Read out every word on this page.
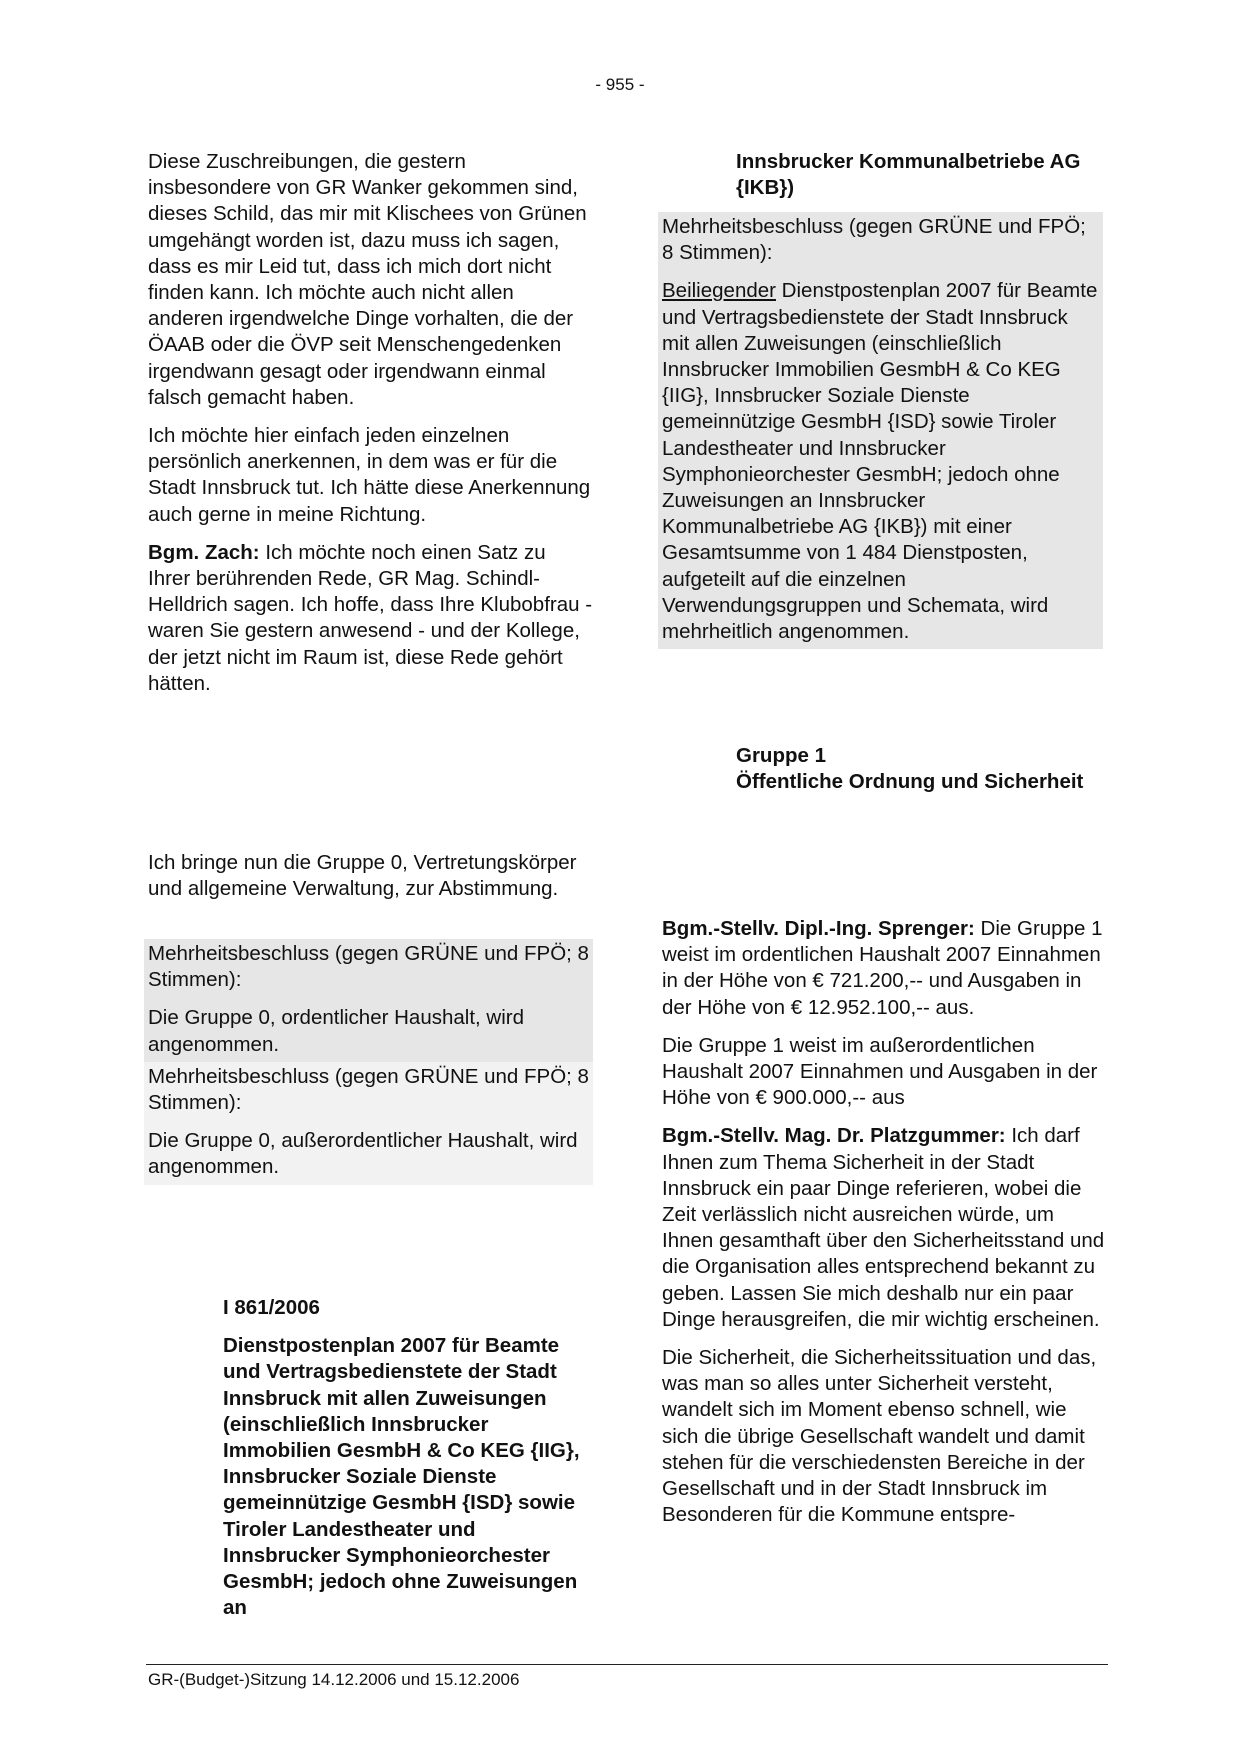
- 955 -

Diese Zuschreibungen, die gestern insbesondere von GR Wanker gekommen sind, dieses Schild, das mir mit Klischees von Grünen umgehängt worden ist, dazu muss ich sagen, dass es mir Leid tut, dass ich mich dort nicht finden kann. Ich möchte auch nicht allen anderen irgendwelche Dinge vorhalten, die der ÖAAB oder die ÖVP seit Menschengedenken irgendwann gesagt oder irgendwann einmal falsch gemacht haben.

Ich möchte hier einfach jeden einzelnen persönlich anerkennen, in dem was er für die Stadt Innsbruck tut. Ich hätte diese Anerkennung auch gerne in meine Richtung.

Bgm. Zach: Ich möchte noch einen Satz zu Ihrer berührenden Rede, GR Mag. Schindl-Helldrich sagen. Ich hoffe, dass Ihre Klubobfrau - waren Sie gestern anwesend - und der Kollege, der jetzt nicht im Raum ist, diese Rede gehört hätten.

Ich bringe nun die Gruppe 0, Vertretungskörper und allgemeine Verwaltung, zur Abstimmung.

Mehrheitsbeschluss (gegen GRÜNE und FPÖ; 8 Stimmen):

Die Gruppe 0, ordentlicher Haushalt, wird angenommen.

Mehrheitsbeschluss (gegen GRÜNE und FPÖ; 8 Stimmen):

Die Gruppe 0, außerordentlicher Haushalt, wird angenommen.

I 861/2006

Dienstpostenplan 2007 für Beamte und Vertragsbedienstete der Stadt Innsbruck mit allen Zuweisungen (einschließlich Innsbrucker Immobilien GesmbH & Co KEG {IIG}, Innsbrucker Soziale Dienste gemeinnützige GesmbH {ISD} sowie Tiroler Landestheater und Innsbrucker Symphonieorchester GesmbH; jedoch ohne Zuweisungen an

Innsbrucker Kommunalbetriebe AG {IKB})

Mehrheitsbeschluss (gegen GRÜNE und FPÖ; 8 Stimmen):

Beiliegender Dienstpostenplan 2007 für Beamte und Vertragsbedienstete der Stadt Innsbruck mit allen Zuweisungen (einschließlich Innsbrucker Immobilien GesmbH & Co KEG {IIG}, Innsbrucker Soziale Dienste gemeinnützige GesmbH {ISD} sowie Tiroler Landestheater und Innsbrucker Symphonieorchester GesmbH; jedoch ohne Zuweisungen an Innsbrucker Kommunalbetriebe AG {IKB}) mit einer Gesamtsumme von 1 484 Dienstposten, aufgeteilt auf die einzelnen Verwendungsgruppen und Schemata, wird mehrheitlich angenommen.

Gruppe 1

Öffentliche Ordnung und Sicherheit

Bgm.-Stellv. Dipl.-Ing. Sprenger: Die Gruppe 1 weist im ordentlichen Haushalt 2007 Einnahmen in der Höhe von € 721.200,-- und Ausgaben in der Höhe von € 12.952.100,-- aus.

Die Gruppe 1 weist im außerordentlichen Haushalt 2007 Einnahmen und Ausgaben in der Höhe von € 900.000,-- aus

Bgm.-Stellv. Mag. Dr. Platzgummer: Ich darf Ihnen zum Thema Sicherheit in der Stadt Innsbruck ein paar Dinge referieren, wobei die Zeit verlässlich nicht ausreichen würde, um Ihnen gesamthaft über den Sicherheitsstand und die Organisation alles entsprechend bekannt zu geben. Lassen Sie mich deshalb nur ein paar Dinge herausgreifen, die mir wichtig erscheinen.

Die Sicherheit, die Sicherheitssituation und das, was man so alles unter Sicherheit versteht, wandelt sich im Moment ebenso schnell, wie sich die übrige Gesellschaft wandelt und damit stehen für die verschiedensten Bereiche in der Gesellschaft und in der Stadt Innsbruck im Besonderen für die Kommune entspre-

GR-(Budget-)Sitzung 14.12.2006 und 15.12.2006
